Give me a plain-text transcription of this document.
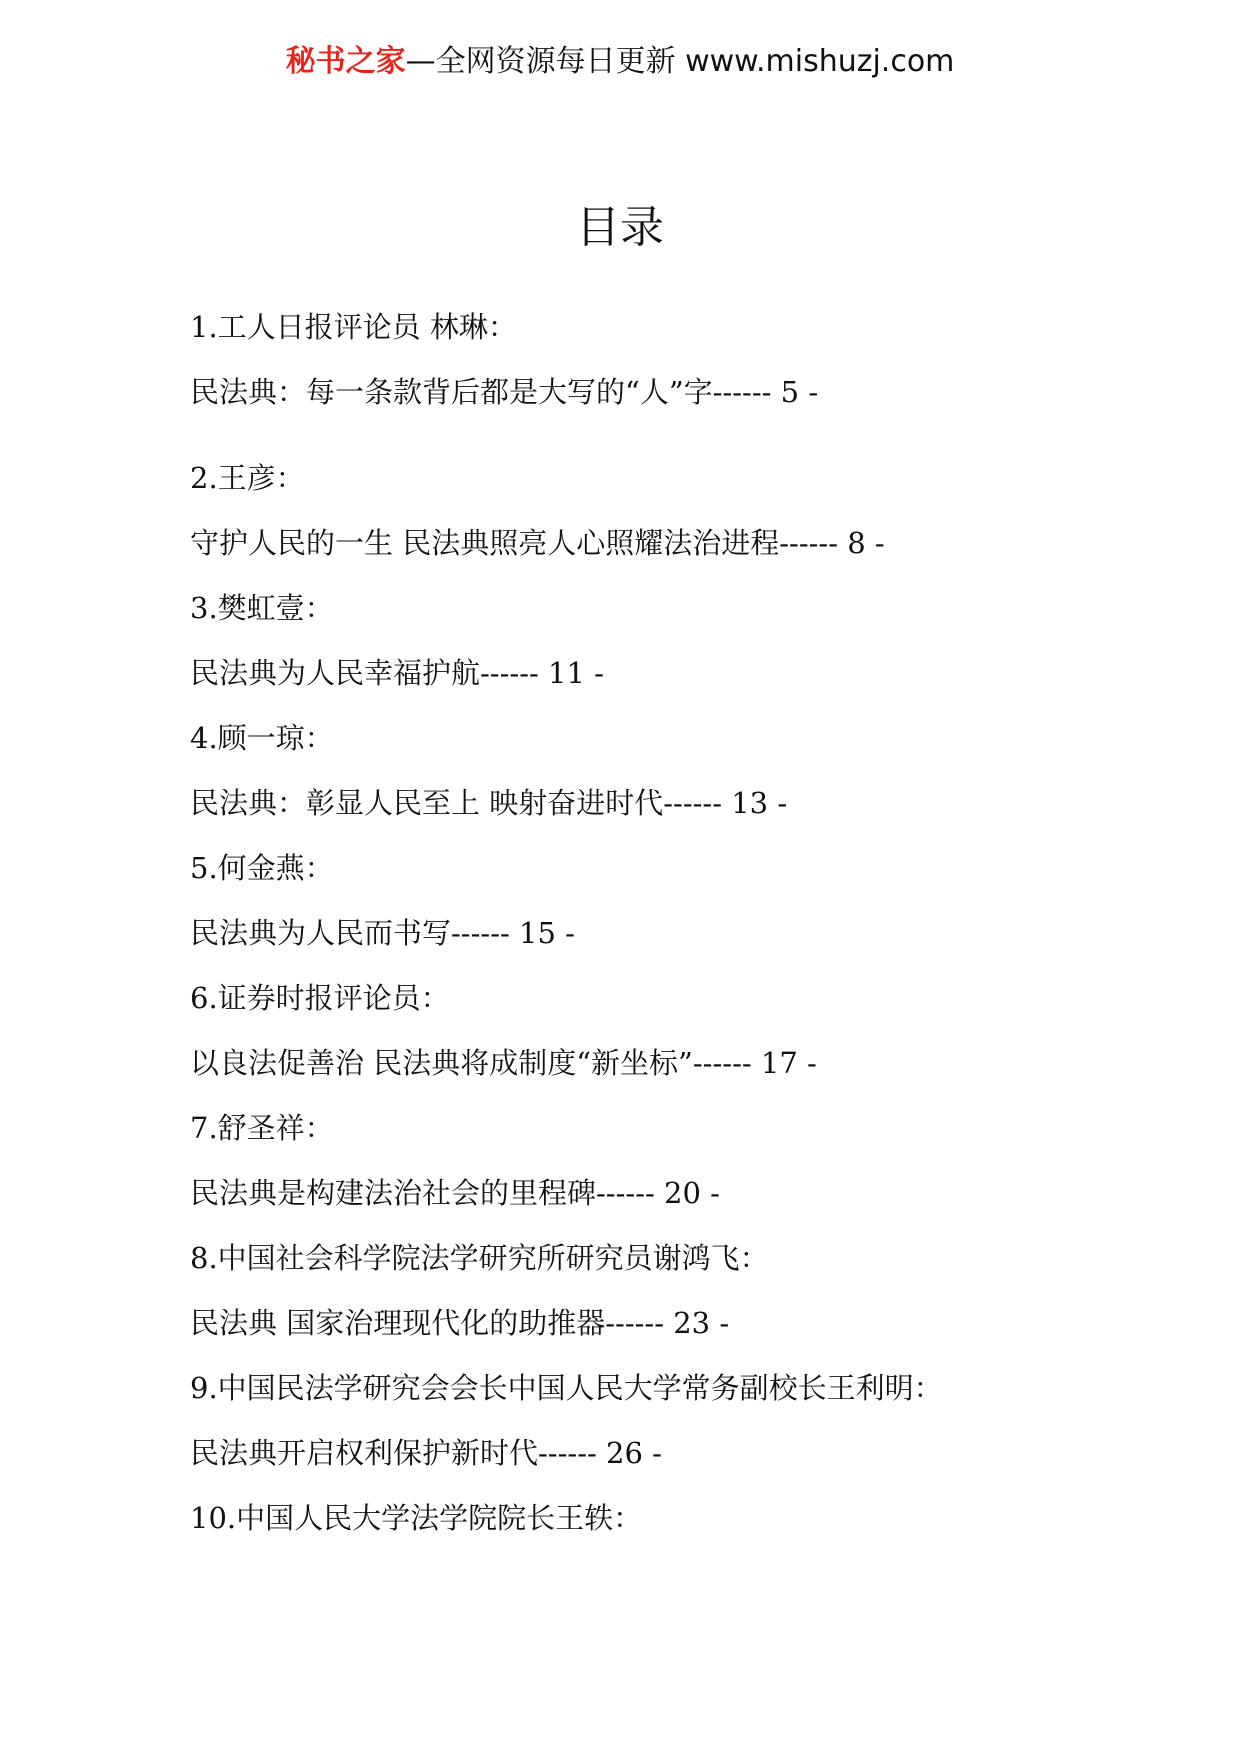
秘书之家—全网资源每日更新 www.mishuzj.com
目录
1.工人日报评论员 林琳：
民法典：每一条款背后都是大写的“人”字------ 5 -
2.王彦：
守护人民的一生 民法典照亮人心照耀法治进程------ 8 -
3.樊虹壹：
民法典为人民幸福护航------ 11 -
4.顾一琼：
民法典：彰显人民至上 映射奋进时代------ 13 -
5.何金燕：
民法典为人民而书写------ 15 -
6.证券时报评论员：
以良法促善治 民法典将成制度“新坐标”------ 17 -
7.舒圣祥：
民法典是构建法治社会的里程碑------ 20 -
8.中国社会科学院法学研究所研究员谢鸿飞：
民法典 国家治理现代化的助推器------ 23 -
9.中国民法学研究会会长中国人民大学常务副校长王利明：
民法典开启权利保护新时代------ 26 -
10.中国人民大学法学院院长王轶：
